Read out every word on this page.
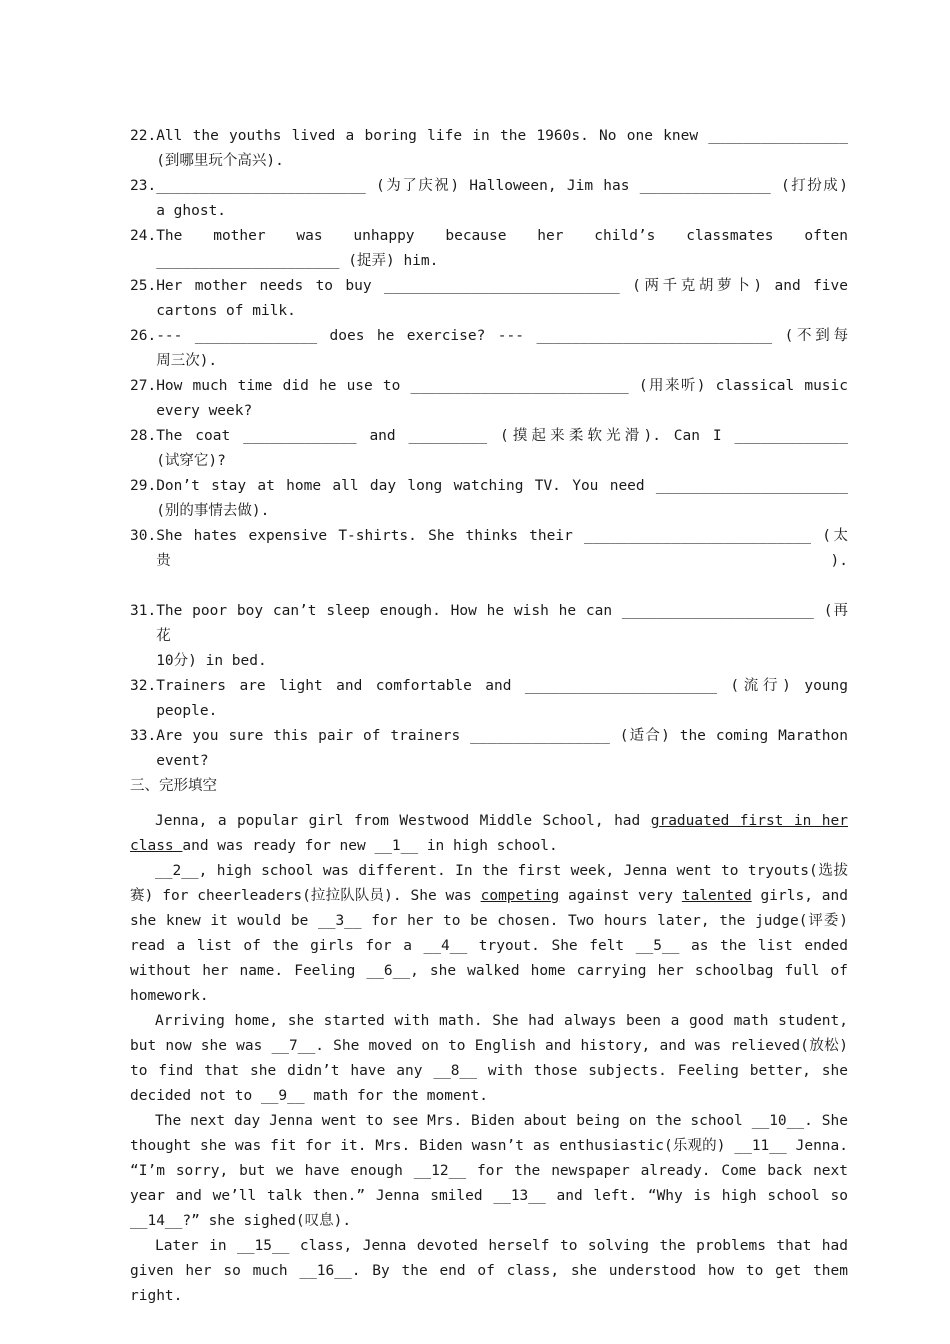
22. All the youths lived a boring life in the 1960s. No one knew ________________
(到哪里玩个高兴).
23. ________________________ (为了庆祝) Halloween, Jim has _______________ (打扮成)
a ghost.
24. The mother was unhappy because her child’s classmates often
_____________________ (捉弄) him.
25. Her mother needs to buy ___________________________ (两千克胡萝卜) and five
cartons of milk.
26. --- ______________ does he exercise? --- ___________________________ (不到每
周三次).
27. How much time did he use to _________________________ (用来听) classical music
every week?
28. The coat _____________ and _________ (摸起来柔软光滑). Can I _____________
(试穿它)?
29. Don’t stay at home all day long watching TV. You need ______________________
(别的事情去做).
30. She hates expensive T-shirts. She thinks their __________________________ (太贵).
31. The poor boy can’t sleep enough. How he wish he can ______________________ (再花
10分) in bed.
32. Trainers are light and comfortable and ______________________ (流行) young
people.
33. Are you sure this pair of trainers ________________ (适合) the coming Marathon
event?
三、完形填空

Jenna, a popular girl from Westwood Middle School, had graduated first in her class and was ready for new __1__ in high school.

__2__, high school was different. In the first week, Jenna went to tryouts(选拔赛) for cheerleaders(拉拉队队员). She was competing against very talented girls, and she knew it would be __3__ for her to be chosen. Two hours later, the judge(评委) read a list of the girls for a __4__ tryout. She felt __5__ as the list ended without her name. Feeling __6__, she walked home carrying her schoolbag full of homework.

Arriving home, she started with math. She had always been a good math student, but now she was __7__. She moved on to English and history, and was relieved(放松) to find that she didn’t have any __8__ with those subjects. Feeling better, she decided not to __9__ math for the moment.

The next day Jenna went to see Mrs. Biden about being on the school __10__. She thought she was fit for it. Mrs. Biden wasn’t as enthusiastic(乐观的) __11__ Jenna. “I’m sorry, but we have enough __12__ for the newspaper already. Come back next year and we’ll talk then.” Jenna smiled __13__ and left. “Why is high school so __14__?” she sighed(叹息).

Later in __15__ class, Jenna devoted herself to solving the problems that had given her so much __16__. By the end of class, she understood how to get them right.
